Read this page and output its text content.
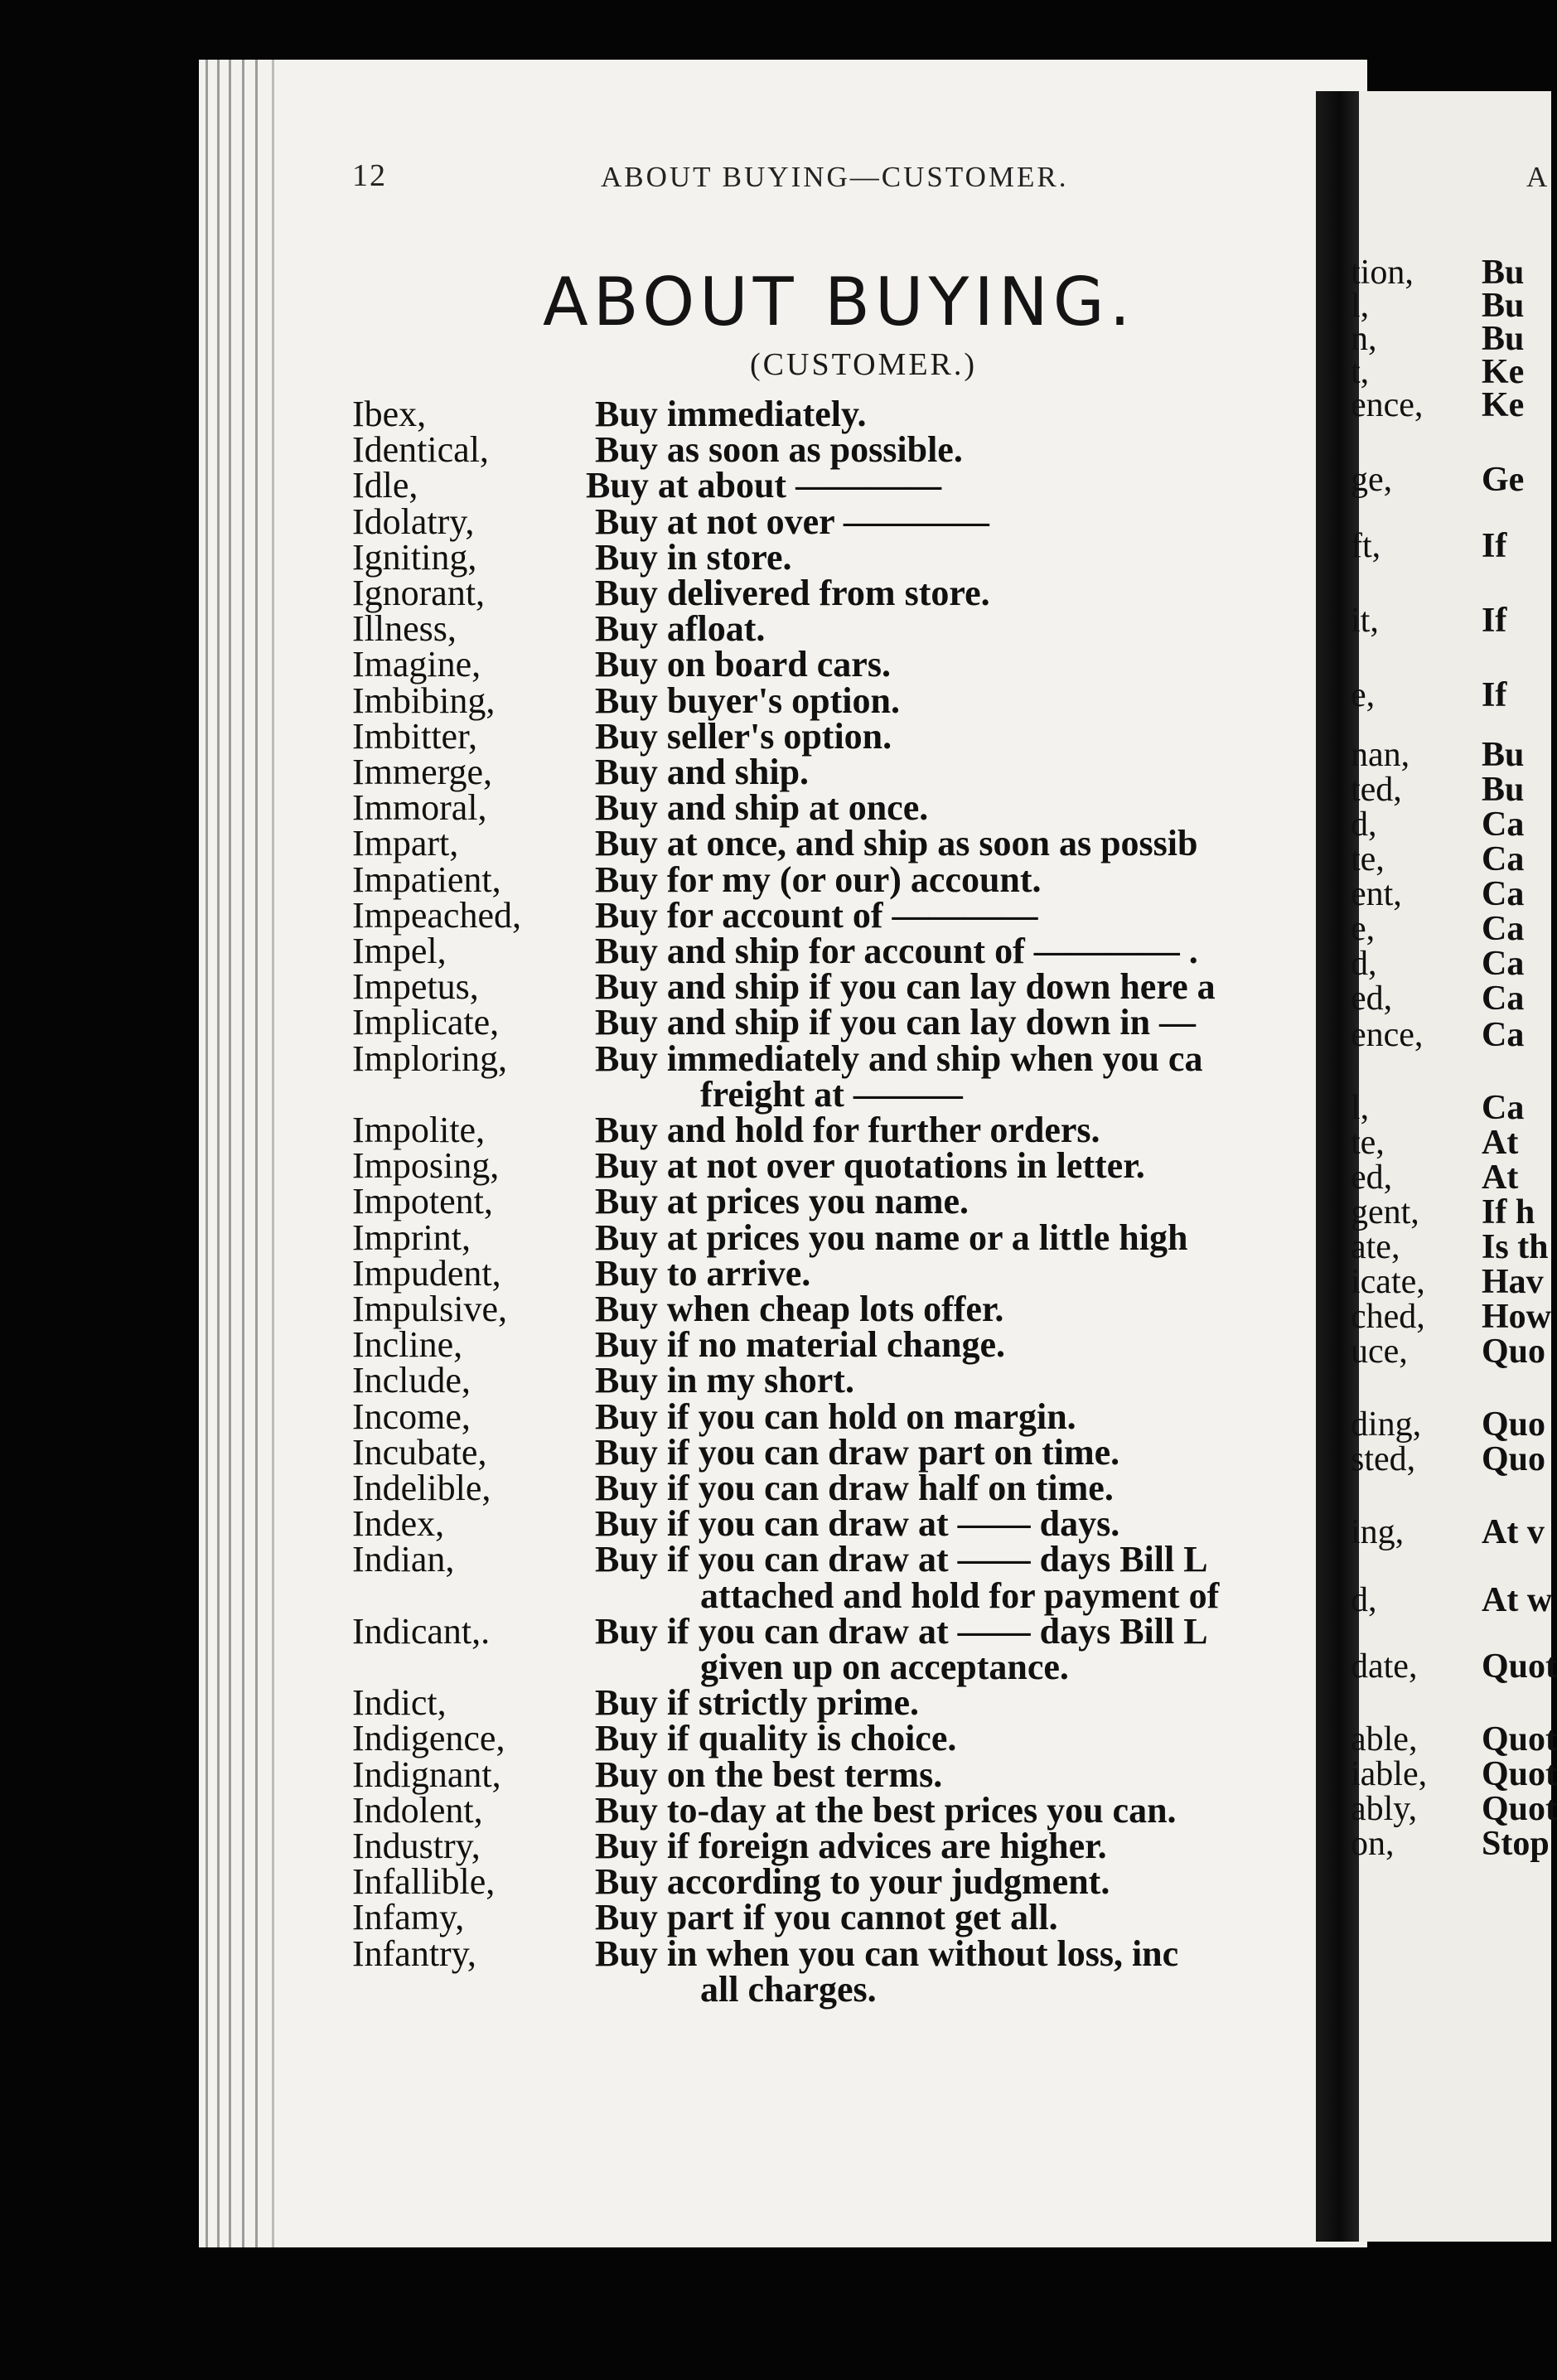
tion, Bu
l,	Bu
n,	Bu
t,	Ke
ence, Ke
ge,	Ge
ft,	If
it,	If
e,	If
nan, Bu
ted, Bu
d,	Ca
te,	Ca
ent, Ca
e,	Ca
d,	Ca
ed,	Ca
ence, Ca
l,	Ca
te,	At
ed,	At
gent, If h
ate, Is th
icate, Hav
ched, How
uce, Quo
ding, Quo
sted, Quo
ing, At v
d,	At w
date, Quot
able, Quot
iable, Quot
ably, Quot
on,	Stop
12	ABOUT BUYING—CUSTOMER.
ABOUT BUYING.
(CUSTOMER.)
Ibex,	Buy immediately.
Identical,	Buy as soon as possible.
Idle,	Buy at about ————
Idolatry,	Buy at not over ————
Igniting,	Buy in store.
Ignorant,	Buy delivered from store.
Illness,	Buy afloat.
Imagine,	Buy on board cars.
Imbibing,	Buy buyer's option.
Imbitter,	Buy seller's option.
Immerge,	Buy and ship.
Immoral,	Buy and ship at once.
Impart,	Buy at once, and ship as soon as possib
Impatient,	Buy for my (or our) account.
Impeached, Buy for account of ————
Impel,	Buy and ship for account of ———— .
Impetus,	Buy and ship if you can lay down here a
Implicate,	Buy and ship if you can lay down in —
Imploring, Buy immediately and ship when you ca
freight at ———
Impolite,	Buy and hold for further orders.
Imposing,	Buy at not over quotations in letter.
Impotent,	Buy at prices you name.
Imprint,	Buy at prices you name or a little high
Impudent,	Buy to arrive.
Impulsive, Buy when cheap lots offer.
Incline,	Buy if no material change.
Include,	Buy in my short.
Income,	Buy if you can hold on margin.
Incubate,	Buy if you can draw part on time.
Indelible,	Buy if you can draw half on time.
Index,	Buy if you can draw at —— days.
Indian,	Buy if you can draw at —— days Bill L
attached and hold for payment of
Indicant,.	Buy if you can draw at —— days Bill L
given up on acceptance.
Indict,	Buy if strictly prime.
Indigence, Buy if quality is choice.
Indignant,	Buy on the best terms.
Indolent,	Buy to-day at the best prices you can.
Industry,	Buy if foreign advices are higher.
Infallible,	Buy according to your judgment.
Infamy,	Buy part if you cannot get all.
Infantry,	Buy in when you can without loss, inc
all charges.
A
